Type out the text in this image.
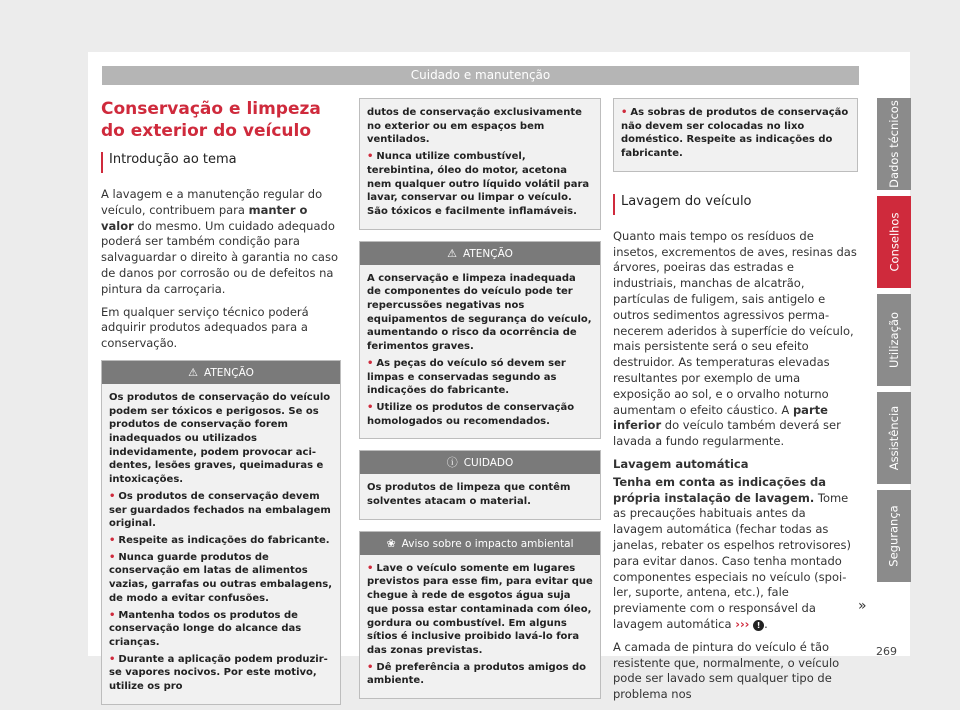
Cuidado e manutenção
Conservação e limpeza do exterior do veículo
Introdução ao tema

A lavagem e a manutenção regular do veículo, contribuem para manter o valor do mesmo. Um cuidado adequado poderá ser também condição para salvaguardar o direito à garantia no caso de danos por corrosão ou de defeitos na pintura da carroçaria.

Em qualquer serviço técnico poderá adquirir produtos adequados para a conservação.

⚠ ATENÇÃO

Os produtos de conservação do veículo podem ser tóxicos e perigosos. Se os produtos de conservação forem inadequados ou utilizados indevidamente, podem provocar acidentes, lesões graves, queimaduras e intoxicações.

• Os produtos de conservação devem ser guardados fechados na embalagem original.
• Respeite as indicações do fabricante.
• Nunca guarde produtos de conservação em latas de alimentos vazias, garrafas ou outras embalagens, de modo a evitar confusões.
• Mantenha todos os produtos de conservação longe do alcance das crianças.
• Durante a aplicação podem produzir-se vapores nocivos. Por este motivo, utilize os pro

dutos de conservação exclusivamente no exterior ou em espaços bem ventilados.

• Nunca utilize combustível, terebintina, óleo do motor, acetona nem qualquer outro líquido volátil para lavar, conservar ou limpar o veículo. São tóxicos e facilmente inflamáveis.
⚠ ATENÇÃO

A conservação e limpeza inadequada de componentes do veículo pode ter repercussões negativas nos equipamentos de segurança do veículo, aumentando o risco da ocorrência de ferimentos graves.

• As peças do veículo só devem ser limpas e conservadas segundo as indicações do fabricante.
• Utilize os produtos de conservação homologados ou recomendados.
ⓘ CUIDADO

Os produtos de limpeza que contêm solventes atacam o material.

❀ Aviso sobre o impacto ambiental
• Lave o veículo somente em lugares previstos para esse fim, para evitar que chegue à rede de esgotos água suja que possa estar contaminada com óleo, gordura ou combustível. Em alguns sítios é inclusive proibido lavá-lo fora das zonas previstas.
• Dê preferência a produtos amigos do ambiente.
• As sobras de produtos de conservação não devem ser colocadas no lixo doméstico. Respeite as indicações do fabricante.
Lavagem do veículo

Quanto mais tempo os resíduos de insetos, excrementos de aves, resinas das árvores, poeiras das estradas e industriais, manchas de alcatrão, partículas de fuligem, sais antigelo e outros sedimentos agressivos permanecerem aderidos à superfície do veículo, mais persistente será o seu efeito destruidor. As temperaturas elevadas resultantes por exemplo de uma exposição ao sol, e o orvalho noturno aumentam o efeito cáustico. A parte inferior do veículo também deverá ser lavada a fundo regularmente.

Lavagem automática

Tenha em conta as indicações da própria instalação de lavagem. Tome as precauções habituais antes da lavagem automática (fechar todas as janelas, rebater os espelhos retrovisores) para evitar danos. Caso tenha montado componentes especiais no veículo (spoiler, suporte, antena, etc.), fale previamente com o responsável da lavagem automática ››› ! .

A camada de pintura do veículo é tão resistente que, normalmente, o veículo pode ser lavado sem qualquer tipo de problema nos

Dados técnicos
Conselhos
Utilização
Assistência
Segurança
»
269
